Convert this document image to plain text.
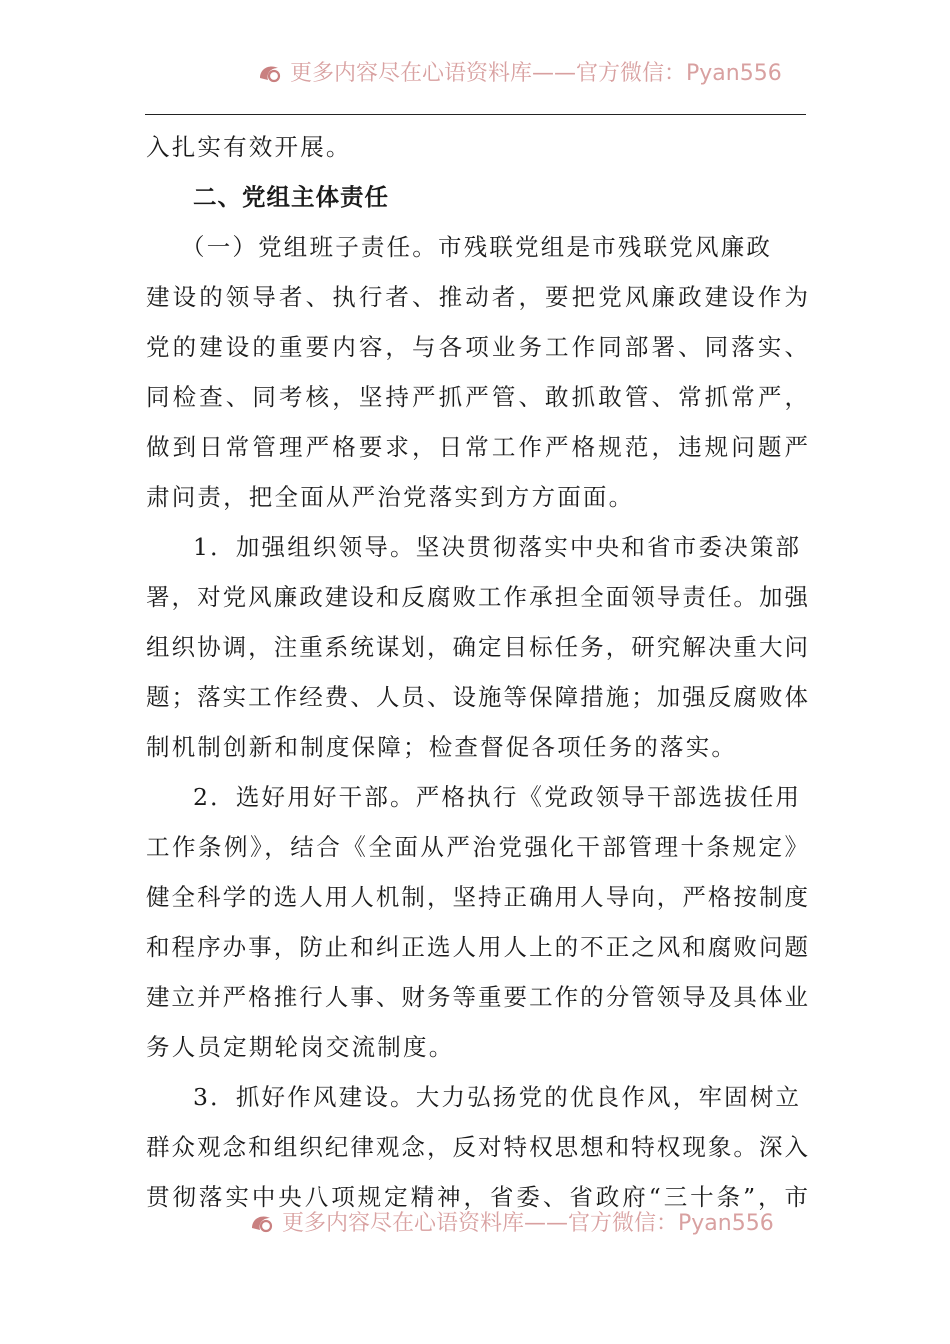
更多内容尽在心语资料库——官方微信：Pyan556
入扎实有效开展。
二、党组主体责任
（一）党组班子责任。市残联党组是市残联党风廉政
建设的领导者、执行者、推动者，要把党风廉政建设作为
党的建设的重要内容，与各项业务工作同部署、同落实、
同检查、同考核，坚持严抓严管、敢抓敢管、常抓常严，
做到日常管理严格要求，日常工作严格规范，违规问题严
肃问责，把全面从严治党落实到方方面面。
1．加强组织领导。坚决贯彻落实中央和省市委决策部
署，对党风廉政建设和反腐败工作承担全面领导责任。加强
组织协调，注重系统谋划，确定目标任务，研究解决重大问
题；落实工作经费、人员、设施等保障措施；加强反腐败体
制机制创新和制度保障；检查督促各项任务的落实。
2．选好用好干部。严格执行《党政领导干部选拔任用
工作条例》，结合《全面从严治党强化干部管理十条规定》
健全科学的选人用人机制，坚持正确用人导向，严格按制度
和程序办事，防止和纠正选人用人上的不正之风和腐败问题
建立并严格推行人事、财务等重要工作的分管领导及具体业
务人员定期轮岗交流制度。
3．抓好作风建设。大力弘扬党的优良作风，牢固树立
群众观念和组织纪律观念，反对特权思想和特权现象。深入
贯彻落实中央八项规定精神，省委、省政府“三十条”，市
更多内容尽在心语资料库——官方微信：Pyan556
